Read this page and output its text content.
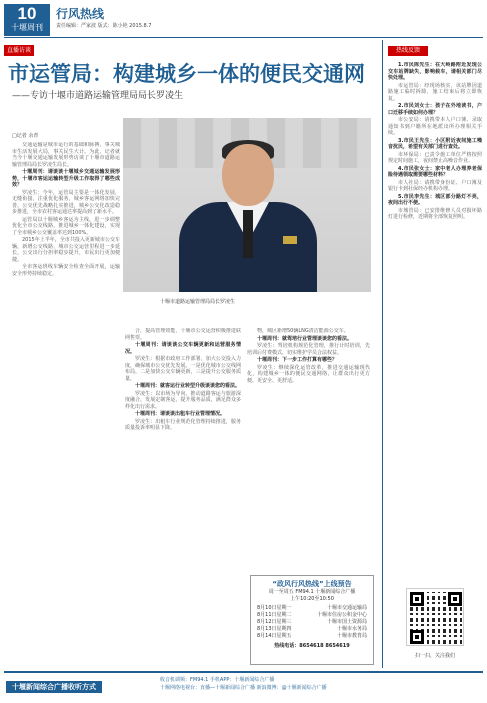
10
十堰周刊
行风热线
责任编辑：严家波 版式：陈小艳 2015.8.7
直播访谈
市运管局：构建城乡一体的便民交通网
——专访十堰市道路运输管理局局长罗凌生
□记者 余青

交通运输是城市运行的基础和脉搏，事关城市生活发展大局，事关民生大计。为此，记者就当今十堰交通运输发展形势访谈了十堰市道路运输管理局局长罗凌生局长。

十堰周刊：请谈谈十堰城乡交通运输发展形势，十堰市客运运输转型升级工作取得了哪些成效？

罗凌生：今年，运管局主要是一体化发展，无缝衔接，注重优化服务，城乡客运网络加快完善，公交优先战略扎实推进，城乡公交化改造稳步推进，全市农村客运通达率提高到了新水平。

运管局以十堰城乡客运为主线，进一步调整优化全市公交线路，推进城乡一体化建设，实现了全市城乡公交覆盖率达到100%。

2015年上半年，全市共投入更新城市公交车辆，新增公交线路，城市公交运营里程进一步延长，公交出行分担率稳步提升，市民出行更加便捷。

全市客运班线车辆安全检查全面开展，运输安全形势持续稳定。

十堰市道路运输管理局局长罗凌生

合，提高管理效能，十堰市公交运营积极推进联网售票。

十堰周刊：请谈谈公交车辆更新和运营服务情况。

罗凌生：根据市政府工作部署，加大公交投入力度，确保城市公交优先发展。一是优化城市公交线网布局，二是加快公交车辆更新，三是提升公交服务质量。

十堰周刊：就客运行业转型升级谈谈您的看法。

罗凌生：以市场为导向，推动道路客运与旅游深度融合，发展定制客运，提升服务品质，满足群众多样化出行需求。

十堰周刊：请谈谈出租车行业管理情况。

罗凌生：出租车行业规范化管理持续推进，服务质量投诉率明显下降。

物，城区新增50辆LNG清洁能源公交车。

十堰周刊：就驾培行业管理谈谈您的看法。

罗凌生：驾培机构规范化管理，推行计时培训，先培训后付费模式，切实维护学员合法权益。

十堰周刊：下一步工作打算有哪些？

罗凌生：继续深化运管改革，推进交通运输现代化，构建城乡一体的便民交通网络，让群众出行更方便、更安全、更舒适。

“政风行风热线”上线预告
周一至周五 FM94.1 十堰新闻综合广播
上午10:20至10:50
8月10日星期一	十堰市交通运输局
8月11日星期二	十堰市住房公积金中心
8月12日星期三	十堰市国土资源局
8月13日星期四	十堰市水务局
8月14日星期五	十堰市教育局
热线电话：8654618 8654619
热线反馈

1.市民陈先生：在大岭路附近发现公交车站牌缺失，影响候车，请相关部门尽快处理。

市运管局：经现场核实，该站牌因道路施工临时拆除，施工结束后将立即恢复。

2.市民刘女士：孩子在外地读书，户口迁移手续如何办理？

市公安局：请携带本人户口簿、录取通知书到户籍所在地派出所办理相关手续。

3.市民王先生：小区附近夜间施工噪音扰民，希望有关部门进行查处。

市环保局：已责令施工单位严格按照规定时间施工，夜间禁止高噪音作业。

4.市民张女士：家中老人办理养老保险待遇领取需要哪些材料？

市人社局：请携带身份证、户口簿及银行卡到社保经办机构办理。

5.市民李先生：城区部分路灯不亮，夜间出行不便。

市城管局：已安排维修人员对损坏路灯进行检修，近期将全部恢复照明。

扫一扫，关注我们
十堰新闻综合广播收听方式
收音机调频：FM94.1 手机APP：十堰新闻综合广播
十堰网络电视台：直播—十堰新闻综合广播 新浪微博：@十堰新闻综合广播
